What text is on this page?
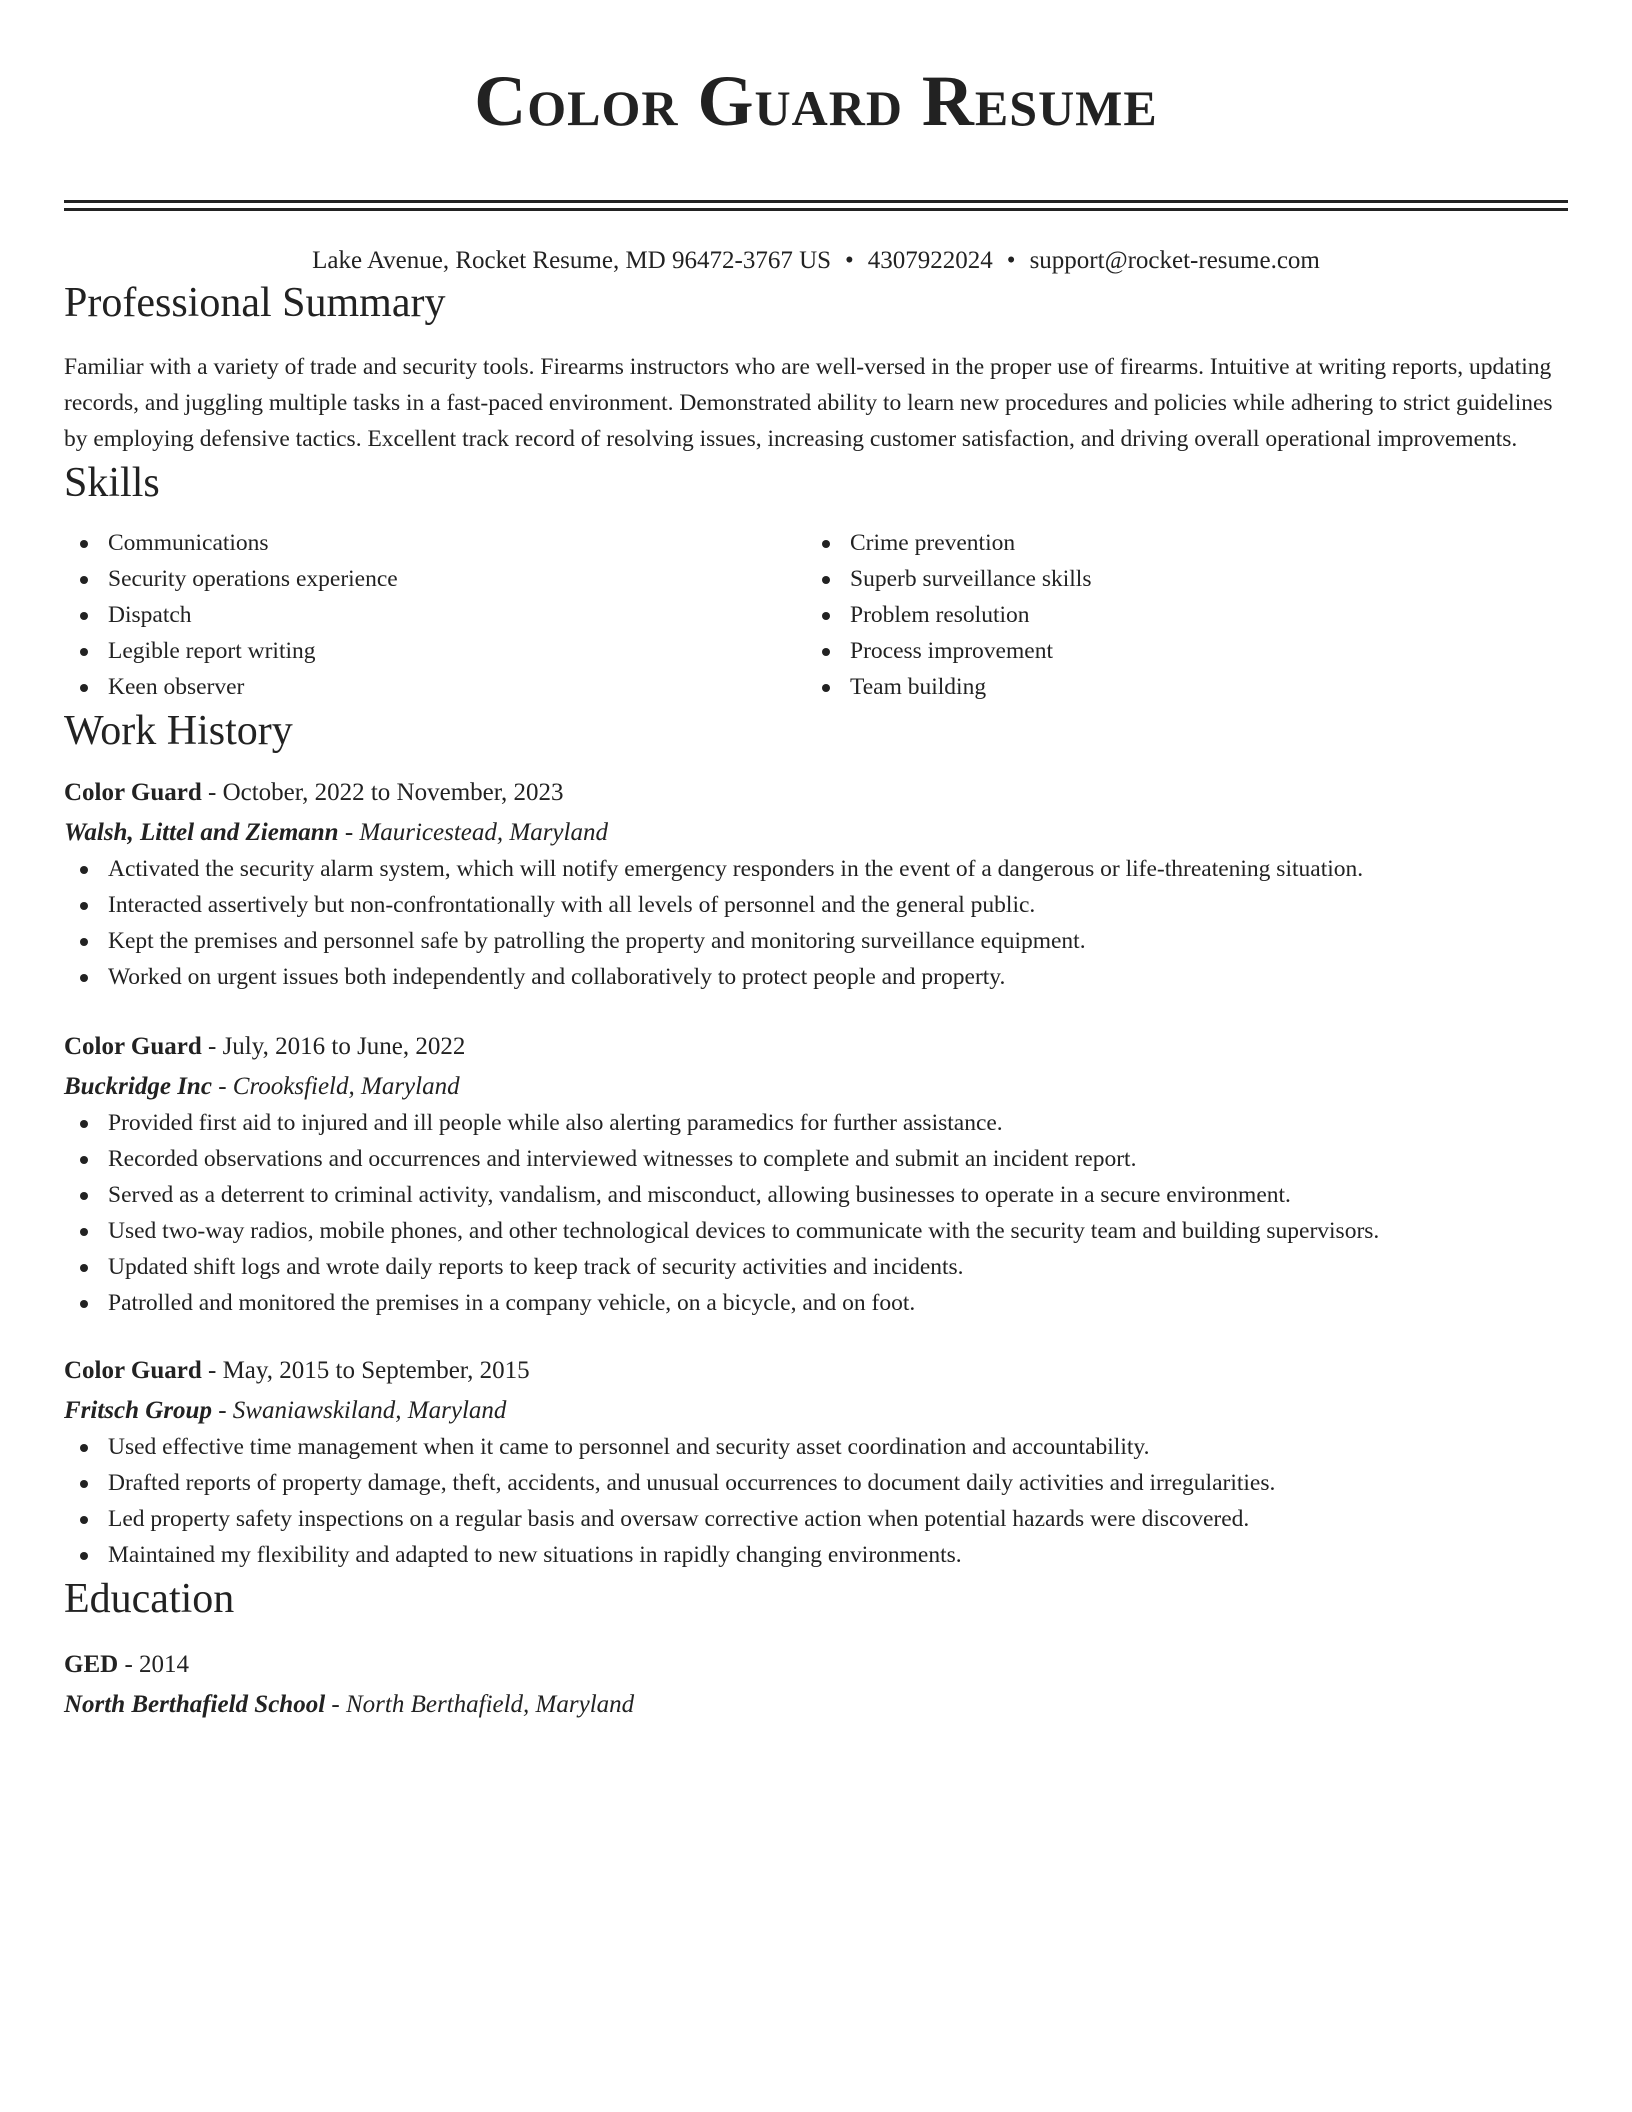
Color Guard Resume
Lake Avenue, Rocket Resume, MD 96472-3767 US • 4307922024 • support@rocket-resume.com
Professional Summary
Familiar with a variety of trade and security tools. Firearms instructors who are well-versed in the proper use of firearms. Intuitive at writing reports, updating records, and juggling multiple tasks in a fast-paced environment. Demonstrated ability to learn new procedures and policies while adhering to strict guidelines by employing defensive tactics. Excellent track record of resolving issues, increasing customer satisfaction, and driving overall operational improvements.
Skills
Communications
Security operations experience
Dispatch
Legible report writing
Keen observer
Crime prevention
Superb surveillance skills
Problem resolution
Process improvement
Team building
Work History
Color Guard - October, 2022 to November, 2023
Walsh, Littel and Ziemann - Mauricestead, Maryland
Activated the security alarm system, which will notify emergency responders in the event of a dangerous or life-threatening situation.
Interacted assertively but non-confrontationally with all levels of personnel and the general public.
Kept the premises and personnel safe by patrolling the property and monitoring surveillance equipment.
Worked on urgent issues both independently and collaboratively to protect people and property.
Color Guard - July, 2016 to June, 2022
Buckridge Inc - Crooksfield, Maryland
Provided first aid to injured and ill people while also alerting paramedics for further assistance.
Recorded observations and occurrences and interviewed witnesses to complete and submit an incident report.
Served as a deterrent to criminal activity, vandalism, and misconduct, allowing businesses to operate in a secure environment.
Used two-way radios, mobile phones, and other technological devices to communicate with the security team and building supervisors.
Updated shift logs and wrote daily reports to keep track of security activities and incidents.
Patrolled and monitored the premises in a company vehicle, on a bicycle, and on foot.
Color Guard - May, 2015 to September, 2015
Fritsch Group - Swaniawskiland, Maryland
Used effective time management when it came to personnel and security asset coordination and accountability.
Drafted reports of property damage, theft, accidents, and unusual occurrences to document daily activities and irregularities.
Led property safety inspections on a regular basis and oversaw corrective action when potential hazards were discovered.
Maintained my flexibility and adapted to new situations in rapidly changing environments.
Education
GED - 2014
North Berthafield School - North Berthafield, Maryland
